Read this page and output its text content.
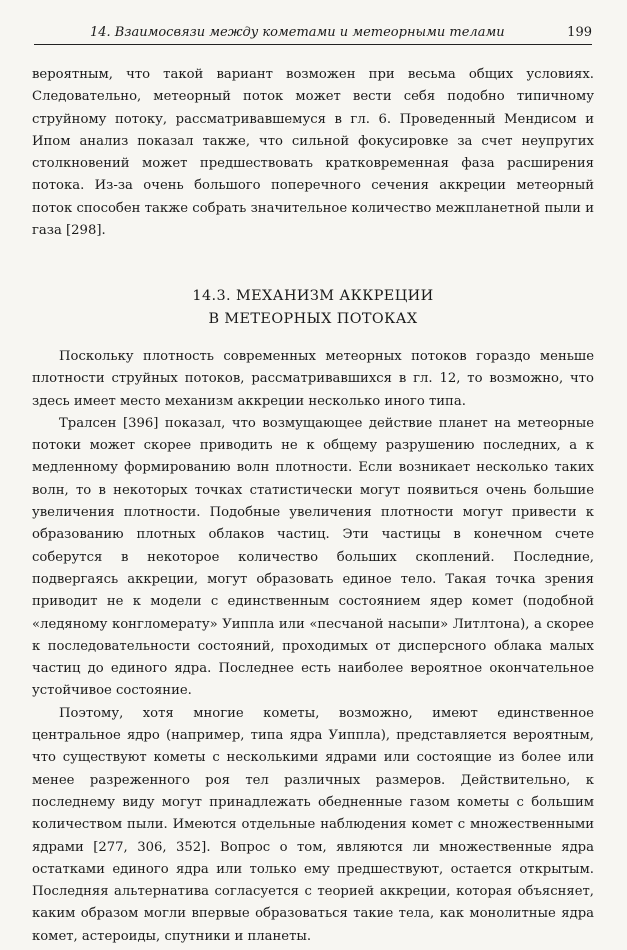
14. Взаимосвязи между кометами и метеорными телами	199

вероятным, что такой вариант возможен при весьма общих условиях. Следовательно, метеорный поток может вести себя подобно типичному струйному потоку, рассматривавшемуся в гл. 6. Проведенный Мендисом и Ипом анализ показал также, что сильной фокусировке за счет неупругих столкновений может предшествовать кратковременная фаза расширения потока. Из-за очень большого поперечного сечения аккреции метеорный поток способен также собрать значительное количество межпланетной пыли и газа [298].

14.3. МЕХАНИЗМ АККРЕЦИИ
В МЕТЕОРНЫХ ПОТОКАХ

Поскольку плотность современных метеорных потоков гораздо меньше плотности струйных потоков, рассматривавшихся в гл. 12, то возможно, что здесь имеет место механизм аккреции несколько иного типа.

Тралсен [396] показал, что возмущающее действие планет на метеорные потоки может скорее приводить не к общему разрушению последних, а к медленному формированию волн плотности. Если возникает несколько таких волн, то в некоторых точках статистически могут появиться очень большие увеличения плотности. Подобные увеличения плотности могут привести к образованию плотных облаков частиц. Эти частицы в конечном счете соберутся в некоторое количество больших скоплений. Последние, подвергаясь аккреции, могут образовать единое тело. Такая точка зрения приводит не к модели с единственным состоянием ядер комет (подобной «ледяному конгломерату» Уиппла или «песчаной насыпи» Литлтона), а скорее к последовательности состояний, проходимых от дисперсного облака малых частиц до единого ядра. Последнее есть наиболее вероятное окончательное устойчивое состояние.

Поэтому, хотя многие кометы, возможно, имеют единственное центральное ядро (например, типа ядра Уиппла), представляется вероятным, что существуют кометы с несколькими ядрами или состоящие из более или менее разреженного роя тел различных размеров. Действительно, к последнему виду могут принадлежать обедненные газом кометы с большим количеством пыли. Имеются отдельные наблюдения комет с множественными ядрами [277, 306, 352]. Вопрос о том, являются ли множественные ядра остатками единого ядра или только ему предшествуют, остается открытым. Последняя альтернатива согласуется с теорией аккреции, которая объясняет, каким образом могли впервые образоваться такие тела, как монолитные ядра комет, астероиды, спутники и планеты.
